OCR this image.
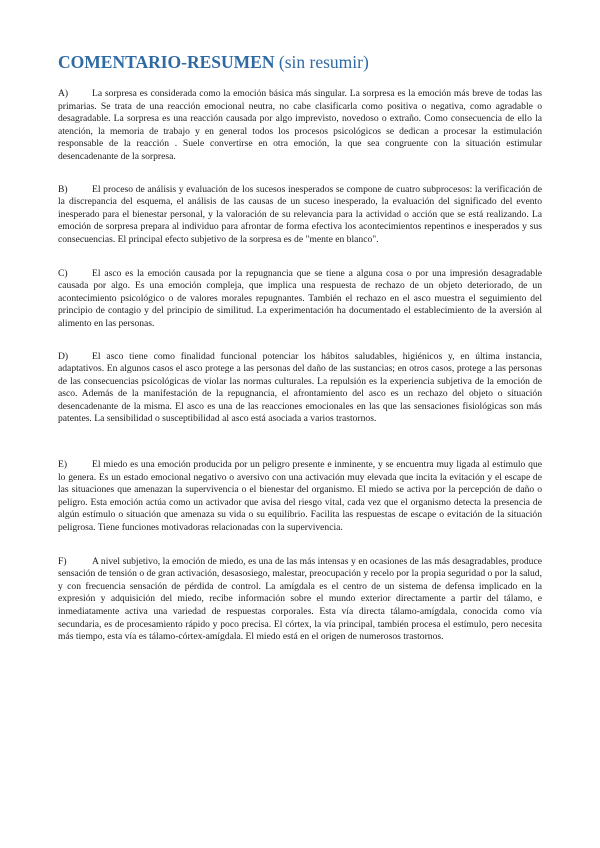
COMENTARIO-RESUMEN (sin resumir)

A) La sorpresa es considerada como la emoción básica más singular. La sorpresa es la emoción más breve de todas las primarias. Se trata de una reacción emocional neutra, no cabe clasificarla como positiva o negativa, como agradable o desagradable. La sorpresa es una reacción causada por algo imprevisto, novedoso o extraño. Como consecuencia de ello la atención, la memoria de trabajo y en general todos los procesos psicológicos se dedican a procesar la estimulación responsable de la reacción . Suele convertirse en otra emoción, la que sea congruente con la situación estimular desencadenante de la sorpresa.

B)	El proceso de análisis y evaluación de los sucesos inesperados se compone de cuatro subprocesos: la verificación de la discrepancia del esquema, el análisis de las causas de un suceso inesperado, la evaluación del significado del evento inesperado para el bienestar personal, y la valoración de su relevancia para la actividad o acción que se está realizando. La emoción de sorpresa prepara al individuo para afrontar de forma efectiva los acontecimientos repentinos e inesperados y sus consecuencias. El principal efecto subjetivo de la sorpresa es de "mente en blanco".

C)	El asco es la emoción causada por la repugnancia que se tiene a alguna cosa o por una impresión desagradable causada por algo. Es una emoción compleja, que implica una respuesta de rechazo de un objeto deteriorado, de un acontecimiento psicológico o de valores morales repugnantes. También el rechazo en el asco muestra el seguimiento del principio de contagio y del principio de similitud. La experimentación ha documentado el establecimiento de la aversión al alimento en las personas.

D) El asco tiene como finalidad funcional potenciar los hábitos saludables, higiénicos y, en última instancia, adaptativos. En algunos casos el asco protege a las personas del daño de las sustancias; en otros casos, protege a las personas de las consecuencias psicológicas de violar las normas culturales. La repulsión es la experiencia subjetiva de la emoción de asco. Además de la manifestación de la repugnancia, el afrontamiento del asco es un rechazo del objeto o situación desencadenante de la misma. El asco es una de las reacciones emocionales en las que las sensaciones fisiológicas son más patentes. La sensibilidad o susceptibilidad al asco está asociada a varios trastornos.

E)	El miedo es una emoción producida por un peligro presente e inminente, y se encuentra muy ligada al estímulo que lo genera. Es un estado emocional negativo o aversivo con una activación muy elevada que incita la evitación y el escape de las situaciones que amenazan la supervivencia o el bienestar del organismo. El miedo se activa por la percepción de daño o peligro. Esta emoción actúa como un activador que avisa del riesgo vital, cada vez que el organismo detecta la presencia de algún estímulo o situación que amenaza su vida o su equilibrio. Facilita las respuestas de escape o evitación de la situación peligrosa. Tiene funciones motivadoras relacionadas con la supervivencia.

F)	A nivel subjetivo, la emoción de miedo, es una de las más intensas y en ocasiones de las más desagradables, produce sensación de tensión o de gran activación, desasosiego, malestar, preocupación y recelo por la propia seguridad o por la salud, y con frecuencia sensación de pérdida de control. La amígdala es el centro de un sistema de defensa implicado en la expresión y adquisición del miedo, recibe información sobre el mundo exterior directamente a partir del tálamo, e inmediatamente activa una variedad de respuestas corporales. Esta vía directa tálamo-amígdala, conocida como vía secundaria, es de procesamiento rápido y poco precisa. El córtex, la vía principal, también procesa el estímulo, pero necesita más tiempo, esta vía es tálamo-córtex-amígdala. El miedo está en el origen de numerosos trastornos.
